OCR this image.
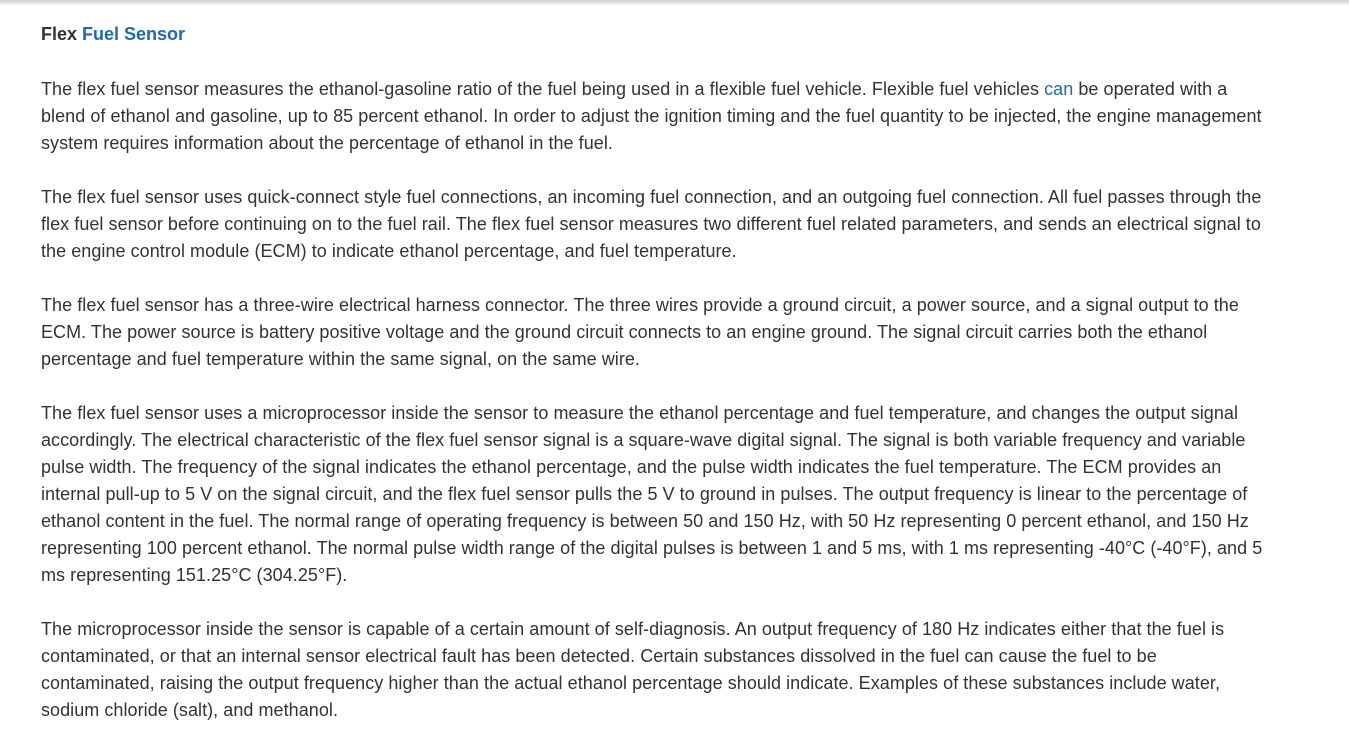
Flex Fuel Sensor

The flex fuel sensor measures the ethanol-gasoline ratio of the fuel being used in a flexible fuel vehicle. Flexible fuel vehicles can be operated with a blend of ethanol and gasoline, up to 85 percent ethanol. In order to adjust the ignition timing and the fuel quantity to be injected, the engine management system requires information about the percentage of ethanol in the fuel.

The flex fuel sensor uses quick-connect style fuel connections, an incoming fuel connection, and an outgoing fuel connection. All fuel passes through the flex fuel sensor before continuing on to the fuel rail. The flex fuel sensor measures two different fuel related parameters, and sends an electrical signal to the engine control module (ECM) to indicate ethanol percentage, and fuel temperature.

The flex fuel sensor has a three-wire electrical harness connector. The three wires provide a ground circuit, a power source, and a signal output to the ECM. The power source is battery positive voltage and the ground circuit connects to an engine ground. The signal circuit carries both the ethanol percentage and fuel temperature within the same signal, on the same wire.

The flex fuel sensor uses a microprocessor inside the sensor to measure the ethanol percentage and fuel temperature, and changes the output signal accordingly. The electrical characteristic of the flex fuel sensor signal is a square-wave digital signal. The signal is both variable frequency and variable pulse width. The frequency of the signal indicates the ethanol percentage, and the pulse width indicates the fuel temperature. The ECM provides an internal pull-up to 5 V on the signal circuit, and the flex fuel sensor pulls the 5 V to ground in pulses. The output frequency is linear to the percentage of ethanol content in the fuel. The normal range of operating frequency is between 50 and 150 Hz, with 50 Hz representing 0 percent ethanol, and 150 Hz representing 100 percent ethanol. The normal pulse width range of the digital pulses is between 1 and 5 ms, with 1 ms representing -40°C (-40°F), and 5 ms representing 151.25°C (304.25°F).

The microprocessor inside the sensor is capable of a certain amount of self-diagnosis. An output frequency of 180 Hz indicates either that the fuel is contaminated, or that an internal sensor electrical fault has been detected. Certain substances dissolved in the fuel can cause the fuel to be contaminated, raising the output frequency higher than the actual ethanol percentage should indicate. Examples of these substances include water, sodium chloride (salt), and methanol.
